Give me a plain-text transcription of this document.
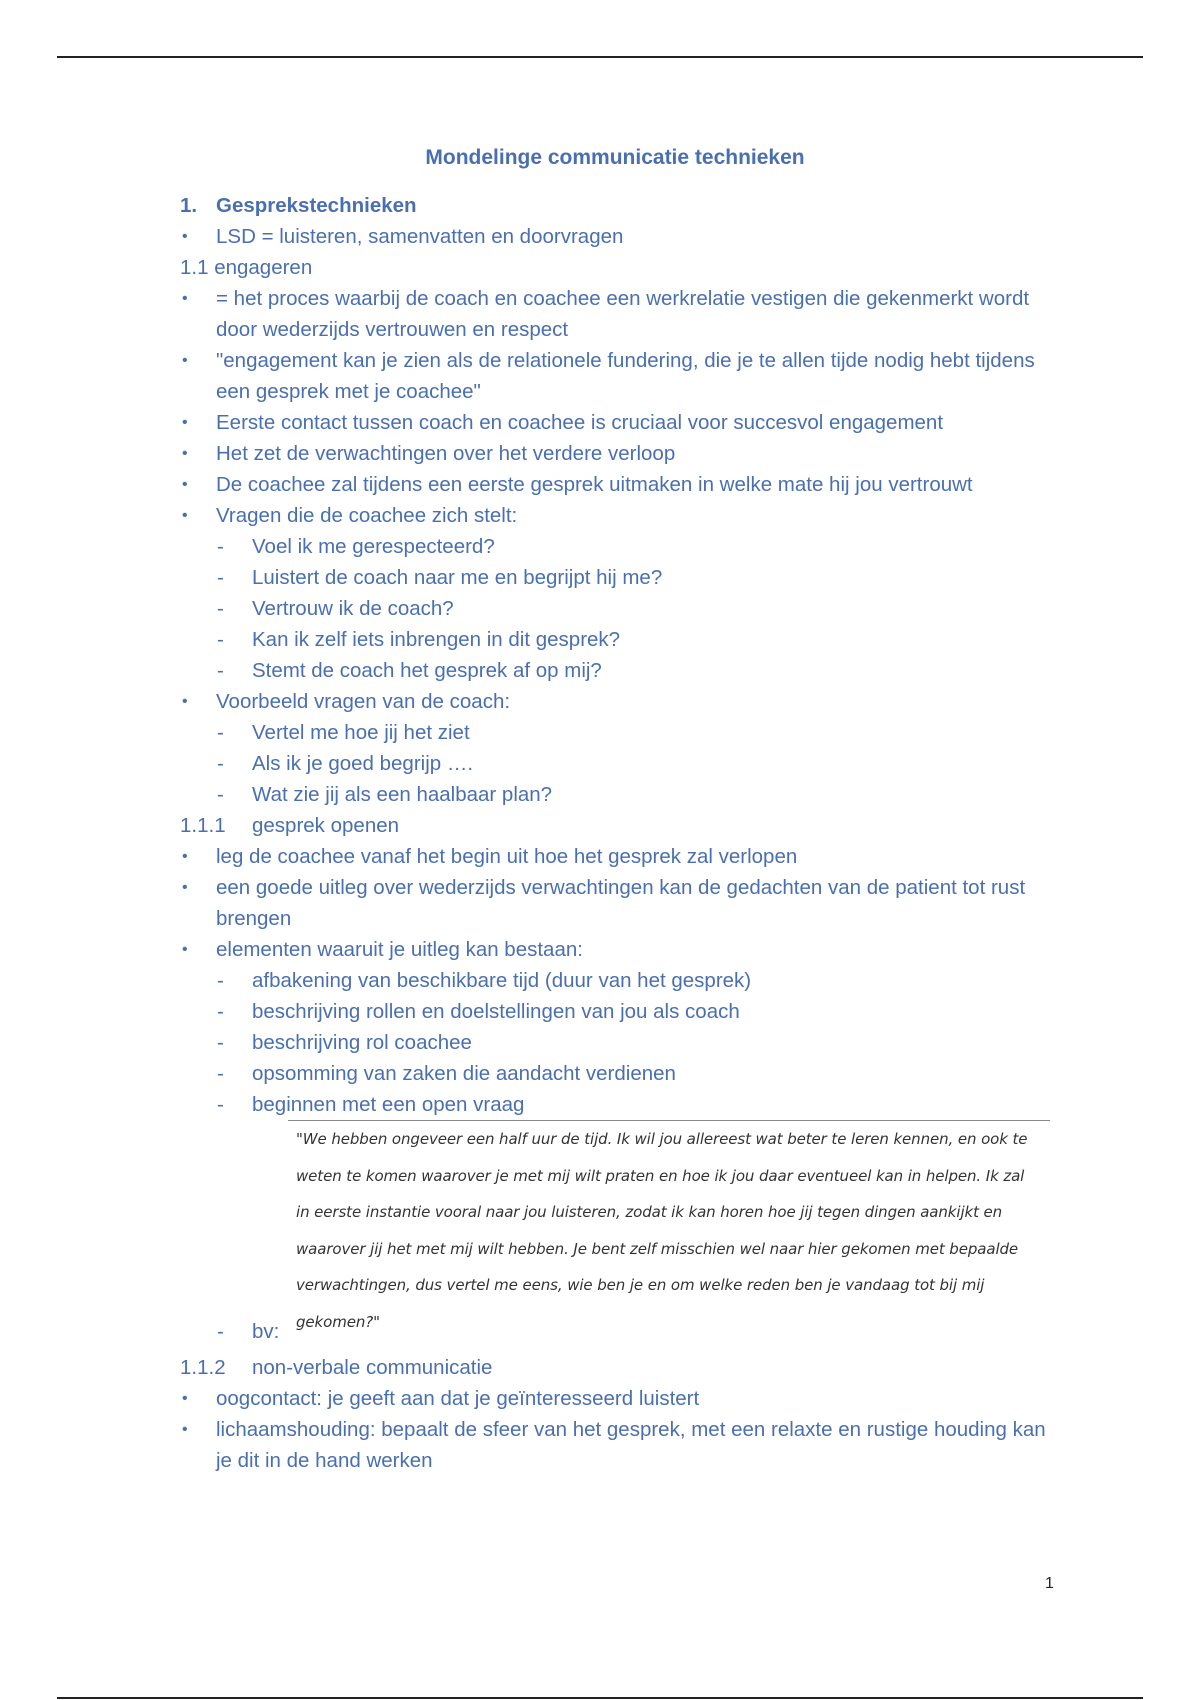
Mondelinge communicatie technieken
1. Gesprekstechnieken
•	LSD = luisteren, samenvatten en doorvragen
1.1 engageren
•	= het proces waarbij de coach en coachee een werkrelatie vestigen die gekenmerkt wordt door wederzijds vertrouwen en respect
•	"engagement kan je zien als de relationele fundering, die je te allen tijde nodig hebt tijdens een gesprek met je coachee"
•	Eerste contact tussen coach en coachee is cruciaal voor succesvol engagement
•	Het zet de verwachtingen over het verdere verloop
•	De coachee zal tijdens een eerste gesprek uitmaken in welke mate hij jou vertrouwt
•	Vragen die de coachee zich stelt:
-	Voel ik me gerespecteerd?
-	Luistert de coach naar me en begrijpt hij me?
-	Vertrouw ik de coach?
-	Kan ik zelf iets inbrengen in dit gesprek?
-	Stemt de coach het gesprek af op mij?
•	Voorbeeld vragen van de coach:
-	Vertel me hoe jij het ziet
-	Als ik je goed begrijp ….
-	Wat zie jij als een haalbaar plan?
1.1.1	gesprek openen
•	leg de coachee vanaf het begin uit hoe het gesprek zal verlopen
•	een goede uitleg over wederzijds verwachtingen kan de gedachten van de patient tot rust brengen
•	elementen waaruit je uitleg kan bestaan:
-	afbakening van beschikbare tijd (duur van het gesprek)
-	beschrijving rollen en doelstellingen van jou als coach
-	beschrijving rol coachee
-	opsomming van zaken die aandacht verdienen
-	beginnen met een open vraag
"We hebben ongeveer een half uur de tijd. Ik wil jou allereest wat beter te leren kennen, en ook te weten te komen waarover je met mij wilt praten en hoe ik jou daar eventueel kan in helpen. Ik zal in eerste instantie vooral naar jou luisteren, zodat ik kan horen hoe jij tegen dingen aankijkt en waarover jij het met mij wilt hebben. Je bent zelf misschien wel naar hier gekomen met bepaalde verwachtingen, dus vertel me eens, wie ben je en om welke reden ben je vandaag tot bij mij gekomen?"
-	bv:
1.1.2	non-verbale communicatie
•	oogcontact: je geeft aan dat je geïnteresseerd luistert
•	lichaamshouding: bepaalt de sfeer van het gesprek, met een relaxte en rustige houding kan je dit in de hand werken
1
